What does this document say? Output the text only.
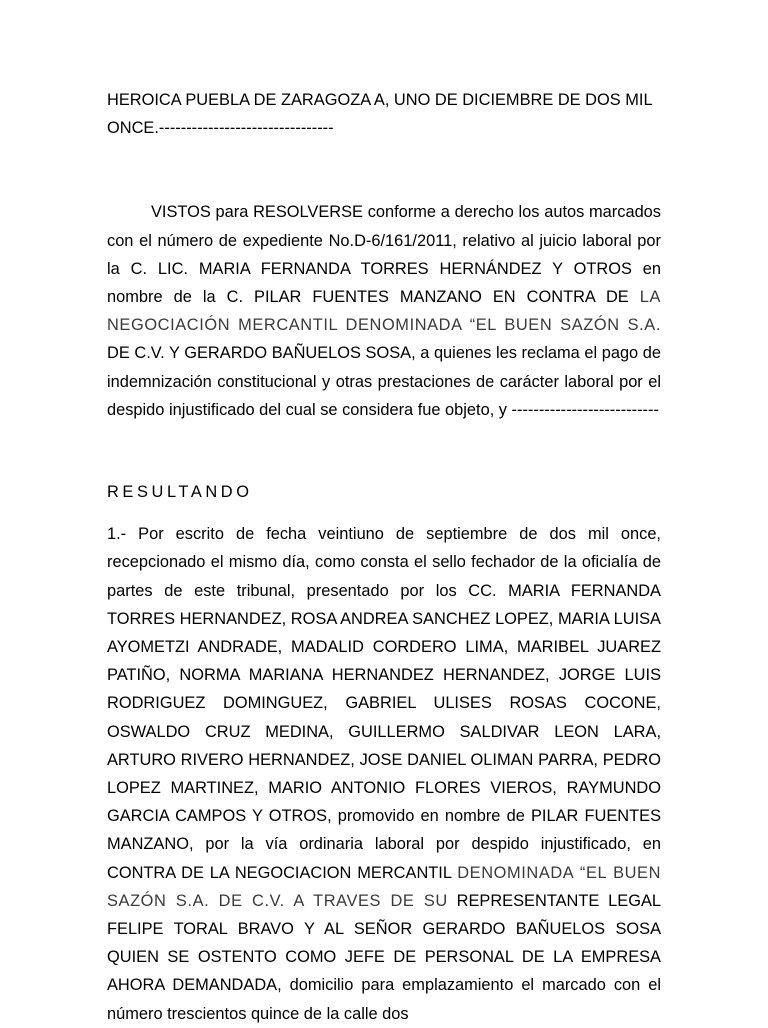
HEROICA PUEBLA DE ZARAGOZA A, UNO DE DICIEMBRE DE DOS MIL

ONCE.--------------------------------

VISTOS para RESOLVERSE conforme a derecho los autos marcados con el número de expediente No.D-6/161/2011, relativo al juicio laboral por la C. LIC. MARIA FERNANDA TORRES HERNÁNDEZ Y OTROS en nombre de la C. PILAR FUENTES MANZANO EN CONTRA DE LA NEGOCIACIÓN MERCANTIL DENOMINADA “EL BUEN SAZÓN S.A. DE C.V. Y GERARDO BAÑUELOS SOSA, a quienes les reclama el pago de indemnización constitucional y otras prestaciones de carácter laboral por el despido injustificado del cual se considera fue objeto, y ---------------------------

RESULTANDO

1.- Por escrito de fecha veintiuno de septiembre de dos mil once, recepcionado el mismo día, como consta el sello fechador de la oficialía de partes de este tribunal, presentado por los CC. MARIA FERNANDA TORRES HERNANDEZ, ROSA ANDREA SANCHEZ LOPEZ, MARIA LUISA AYOMETZI ANDRADE, MADALID CORDERO LIMA, MARIBEL JUAREZ PATIÑO, NORMA MARIANA HERNANDEZ HERNANDEZ, JORGE LUIS RODRIGUEZ DOMINGUEZ, GABRIEL ULISES ROSAS COCONE, OSWALDO CRUZ MEDINA, GUILLERMO SALDIVAR LEON LARA, ARTURO RIVERO HERNANDEZ, JOSE DANIEL OLIMAN PARRA, PEDRO LOPEZ MARTINEZ, MARIO ANTONIO FLORES VIEROS, RAYMUNDO GARCIA CAMPOS Y OTROS, promovido en nombre de PILAR FUENTES MANZANO, por la vía ordinaria laboral por despido injustificado, en CONTRA DE LA NEGOCIACION MERCANTIL DENOMINADA “EL BUEN SAZÓN S.A. DE C.V. A TRAVES DE SU REPRESENTANTE LEGAL FELIPE TORAL BRAVO Y AL SEÑOR GERARDO BAÑUELOS SOSA QUIEN SE OSTENTO COMO JEFE DE PERSONAL DE LA EMPRESA AHORA DEMANDADA, domicilio para emplazamiento el marcado con el número trescientos quince de la calle dos
